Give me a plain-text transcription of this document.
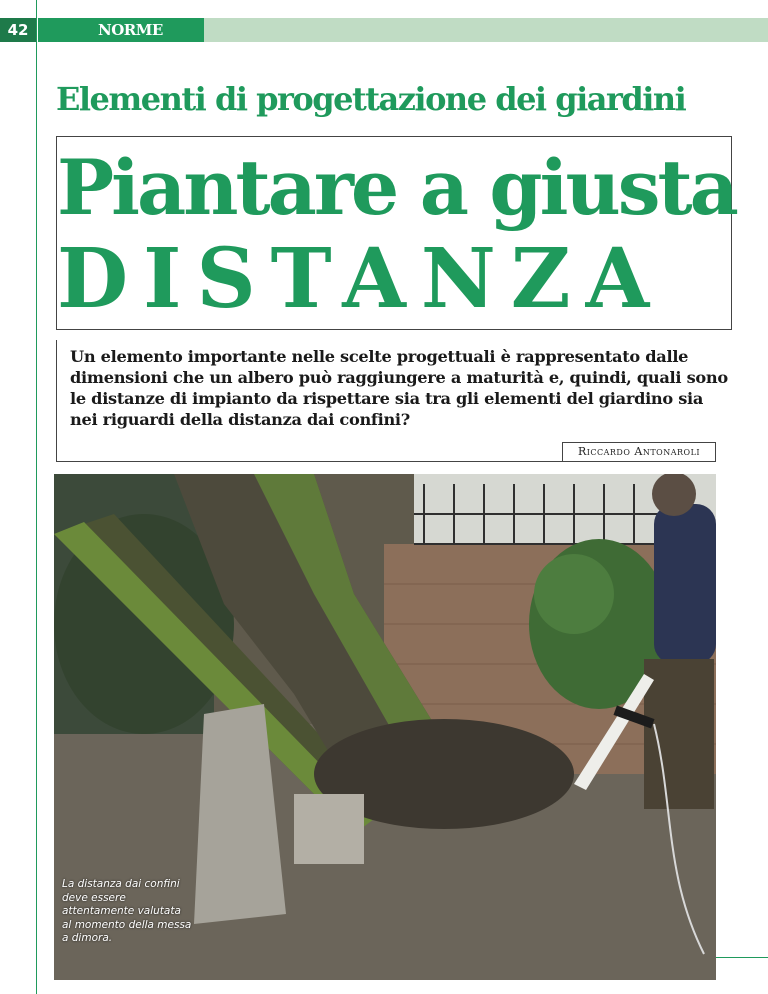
42	NORME
Elementi di progettazione dei giardini
Piantare a giusta
DISTANZA
Un elemento importante nelle scelte progettuali è rappresentato dalle dimensioni che un albero può raggiungere a maturità e, quindi, quali sono le distanze di impianto da rispettare sia tra gli elementi del giardino sia nei riguardi della distanza dai confini?
Riccardo Antonaroli
La distanza dai confini deve essere attentamente valutata al momento della messa a dimora.
